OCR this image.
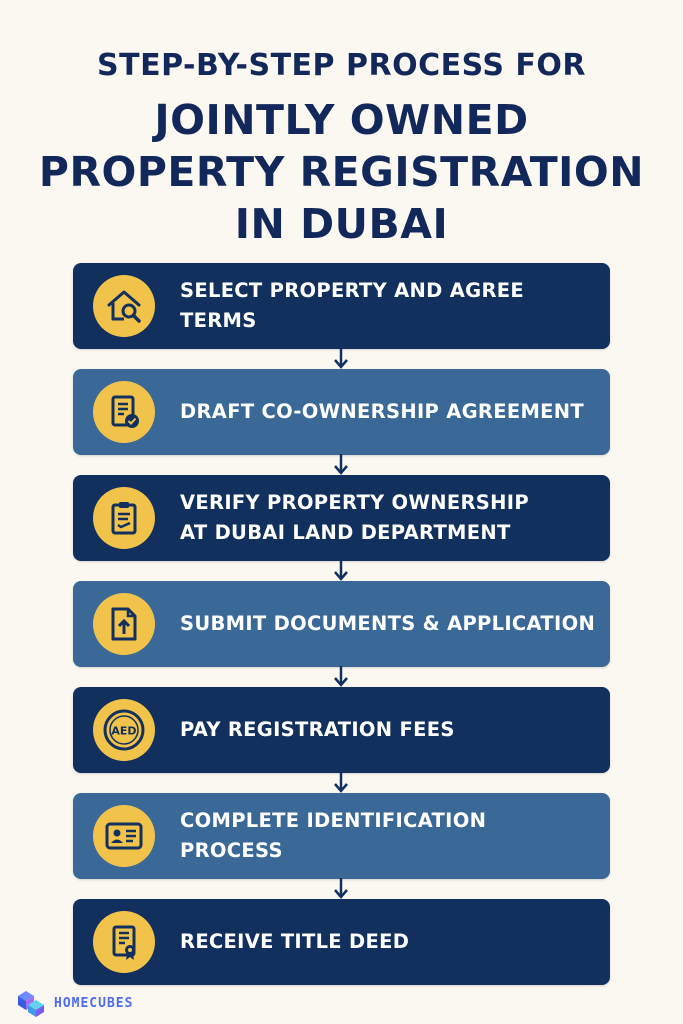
STEP-BY-STEP PROCESS FOR
JOINTLY OWNED
PROPERTY REGISTRATION
IN DUBAI
SELECT PROPERTY AND AGREE TERMS
DRAFT CO-OWNERSHIP AGREEMENT
VERIFY PROPERTY OWNERSHIP
AT DUBAI LAND DEPARTMENT
SUBMIT DOCUMENTS & APPLICATION
AED PAY REGISTRATION FEES
COMPLETE IDENTIFICATION PROCESS
RECEIVE TITLE DEED
HOMECUBES
